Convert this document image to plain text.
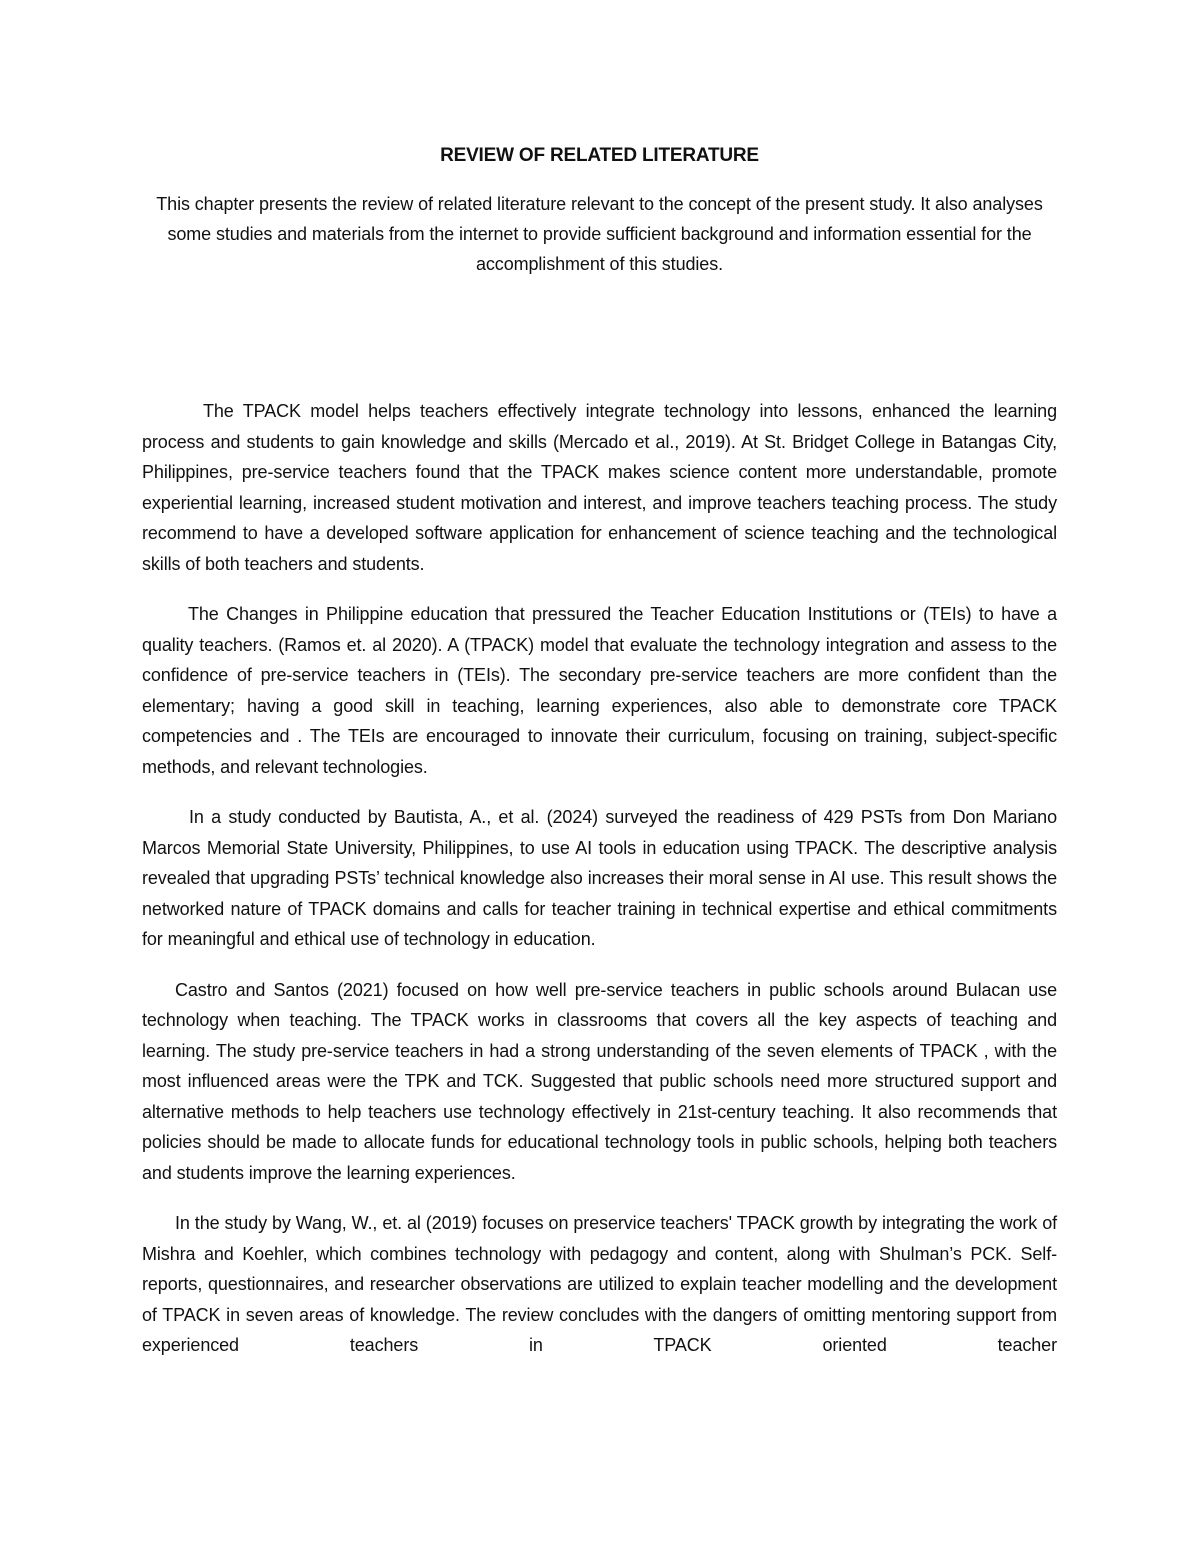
REVIEW OF RELATED LITERATURE

This chapter presents the review of related literature relevant to the concept of the present study. It also analyses some studies and materials from the internet to provide sufficient background and information essential for the accomplishment of this studies.

The TPACK model helps teachers effectively integrate technology into lessons, enhanced the learning process and students to gain knowledge and skills (Mercado et al., 2019). At St. Bridget College in Batangas City, Philippines, pre-service teachers found that the TPACK makes science content more understandable, promote experiential learning, increased student motivation and interest, and improve teachers teaching process. The study recommend to have a developed software application for enhancement of science teaching and the technological skills of both teachers and students.

The Changes in Philippine education that pressured the Teacher Education Institutions or (TEIs) to have a quality teachers. (Ramos et. al 2020). A (TPACK) model that evaluate the technology integration and assess to the confidence of pre-service teachers in (TEIs). The secondary pre-service teachers are more confident than the elementary; having a good skill in teaching, learning experiences, also able to demonstrate core TPACK competencies and . The TEIs are encouraged to innovate their curriculum, focusing on training, subject-specific methods, and relevant technologies.

In a study conducted by Bautista, A., et al. (2024) surveyed the readiness of 429 PSTs from Don Mariano Marcos Memorial State University, Philippines, to use AI tools in education using TPACK. The descriptive analysis revealed that upgrading PSTs’ technical knowledge also increases their moral sense in AI use. This result shows the networked nature of TPACK domains and calls for teacher training in technical expertise and ethical commitments for meaningful and ethical use of technology in education.

Castro and Santos (2021) focused on how well pre-service teachers in public schools around Bulacan use technology when teaching. The TPACK works in classrooms that covers all the key aspects of teaching and learning. The study pre-service teachers in had a strong understanding of the seven elements of TPACK , with the most influenced areas were the TPK and TCK. Suggested that public schools need more structured support and alternative methods to help teachers use technology effectively in 21st-century teaching. It also recommends that policies should be made to allocate funds for educational technology tools in public schools, helping both teachers and students improve the learning experiences.

In the study by Wang, W., et. al (2019) focuses on preservice teachers' TPACK growth by integrating the work of Mishra and Koehler, which combines technology with pedagogy and content, along with Shulman’s PCK. Self-reports, questionnaires, and researcher observations are utilized to explain teacher modelling and the development of TPACK in seven areas of knowledge. The review concludes with the dangers of omitting mentoring support from experienced teachers in TPACK oriented teacher
